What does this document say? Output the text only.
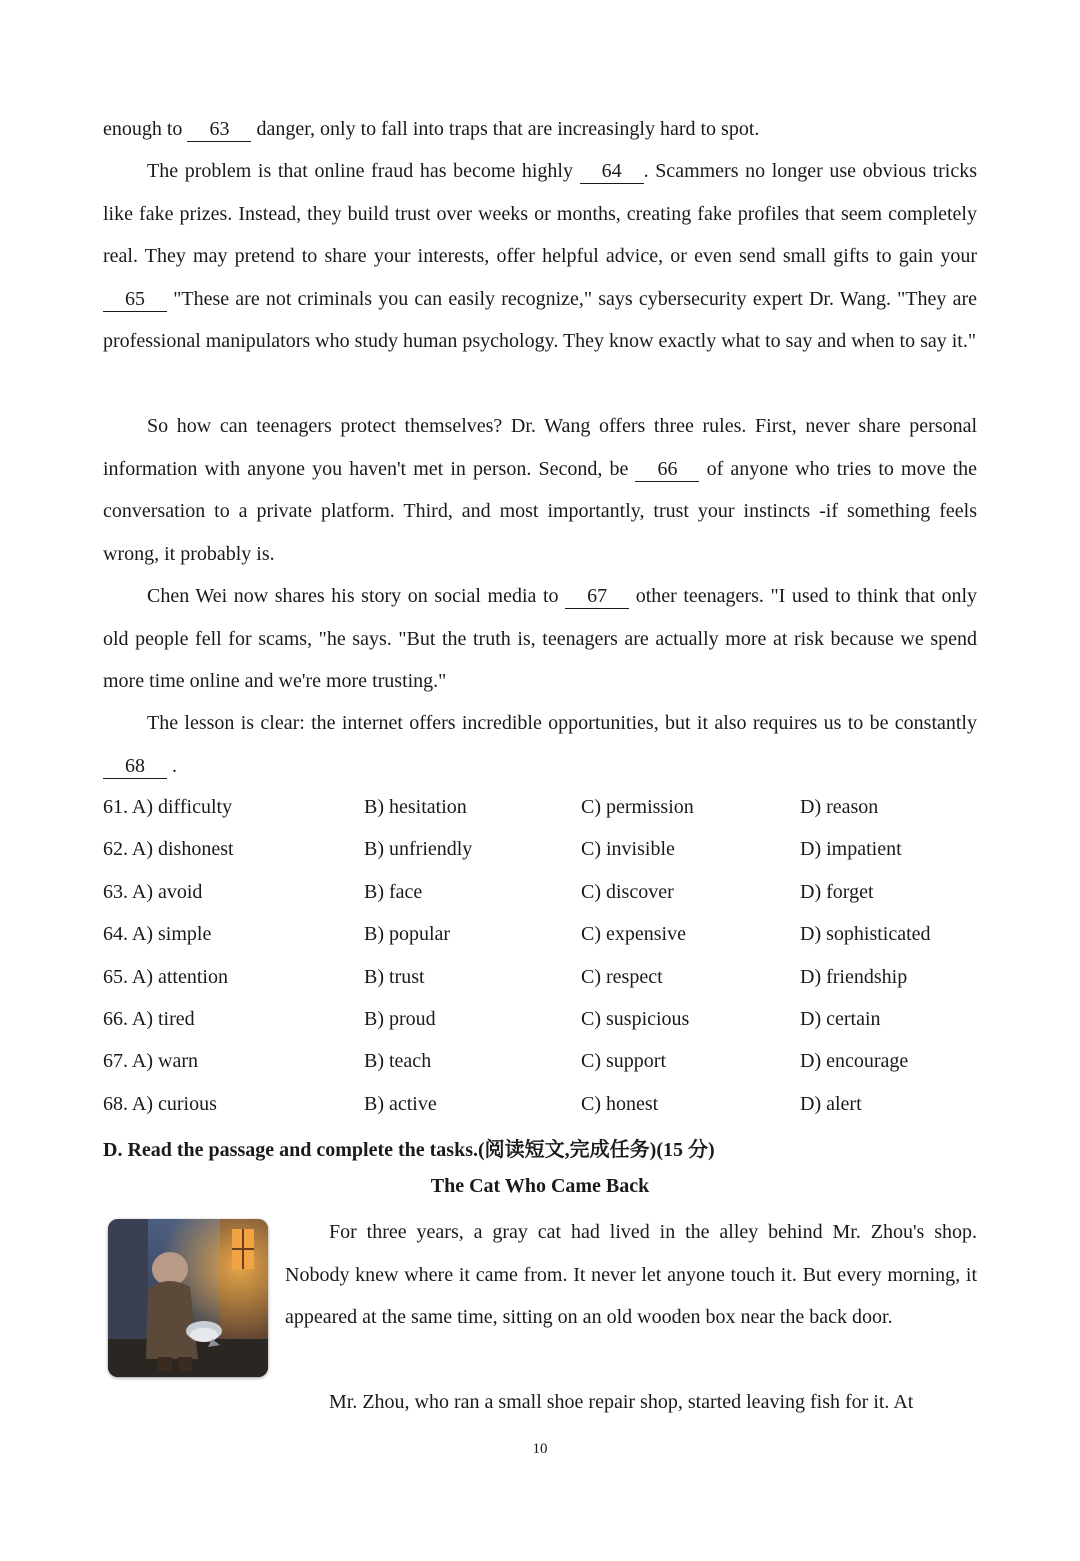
enough to 63 danger, only to fall into traps that are increasingly hard to spot.

The problem is that online fraud has become highly 64 . Scammers no longer use obvious tricks like fake prizes. Instead, they build trust over weeks or months, creating fake profiles that seem completely real. They may pretend to share your interests, offer helpful advice, or even send small gifts to gain your 65 "These are not criminals you can easily recognize," says cybersecurity expert Dr. Wang. "They are professional manipulators who study human psychology. They know exactly what to say and when to say it."

So how can teenagers protect themselves? Dr. Wang offers three rules. First, never share personal information with anyone you haven't met in person. Second, be 66 of anyone who tries to move the conversation to a private platform. Third, and most importantly, trust your instincts -if something feels wrong, it probably is.

Chen Wei now shares his story on social media to 67 other teenagers. "I used to think that only old people fell for scams, "he says. "But the truth is, teenagers are actually more at risk because we spend more time online and we're more trusting."

The lesson is clear: the internet offers incredible opportunities, but it also requires us to be constantly 68 .

61. A) difficulty	B) hesitation	C) permission	D) reason
62. A) dishonest	B) unfriendly	C) invisible	D) impatient
63. A) avoid	B) face	C) discover	D) forget
64. A) simple	B) popular	C) expensive	D) sophisticated
65. A) attention	B) trust	C) respect	D) friendship
66. A) tired	B) proud	C) suspicious	D) certain
67. A) warn	B) teach	C) support	D) encourage
68. A) curious	B) active	C) honest	D) alert
D. Read the passage and complete the tasks.(阅读短文,完成任务)(15 分)
The Cat Who Came Back

For three years, a gray cat had lived in the alley behind Mr. Zhou's shop. Nobody knew where it came from. It never let anyone touch it. But every morning, it appeared at the same time, sitting on an old wooden box near the back door.

Mr. Zhou, who ran a small shoe repair shop, started leaving fish for it. At

10
